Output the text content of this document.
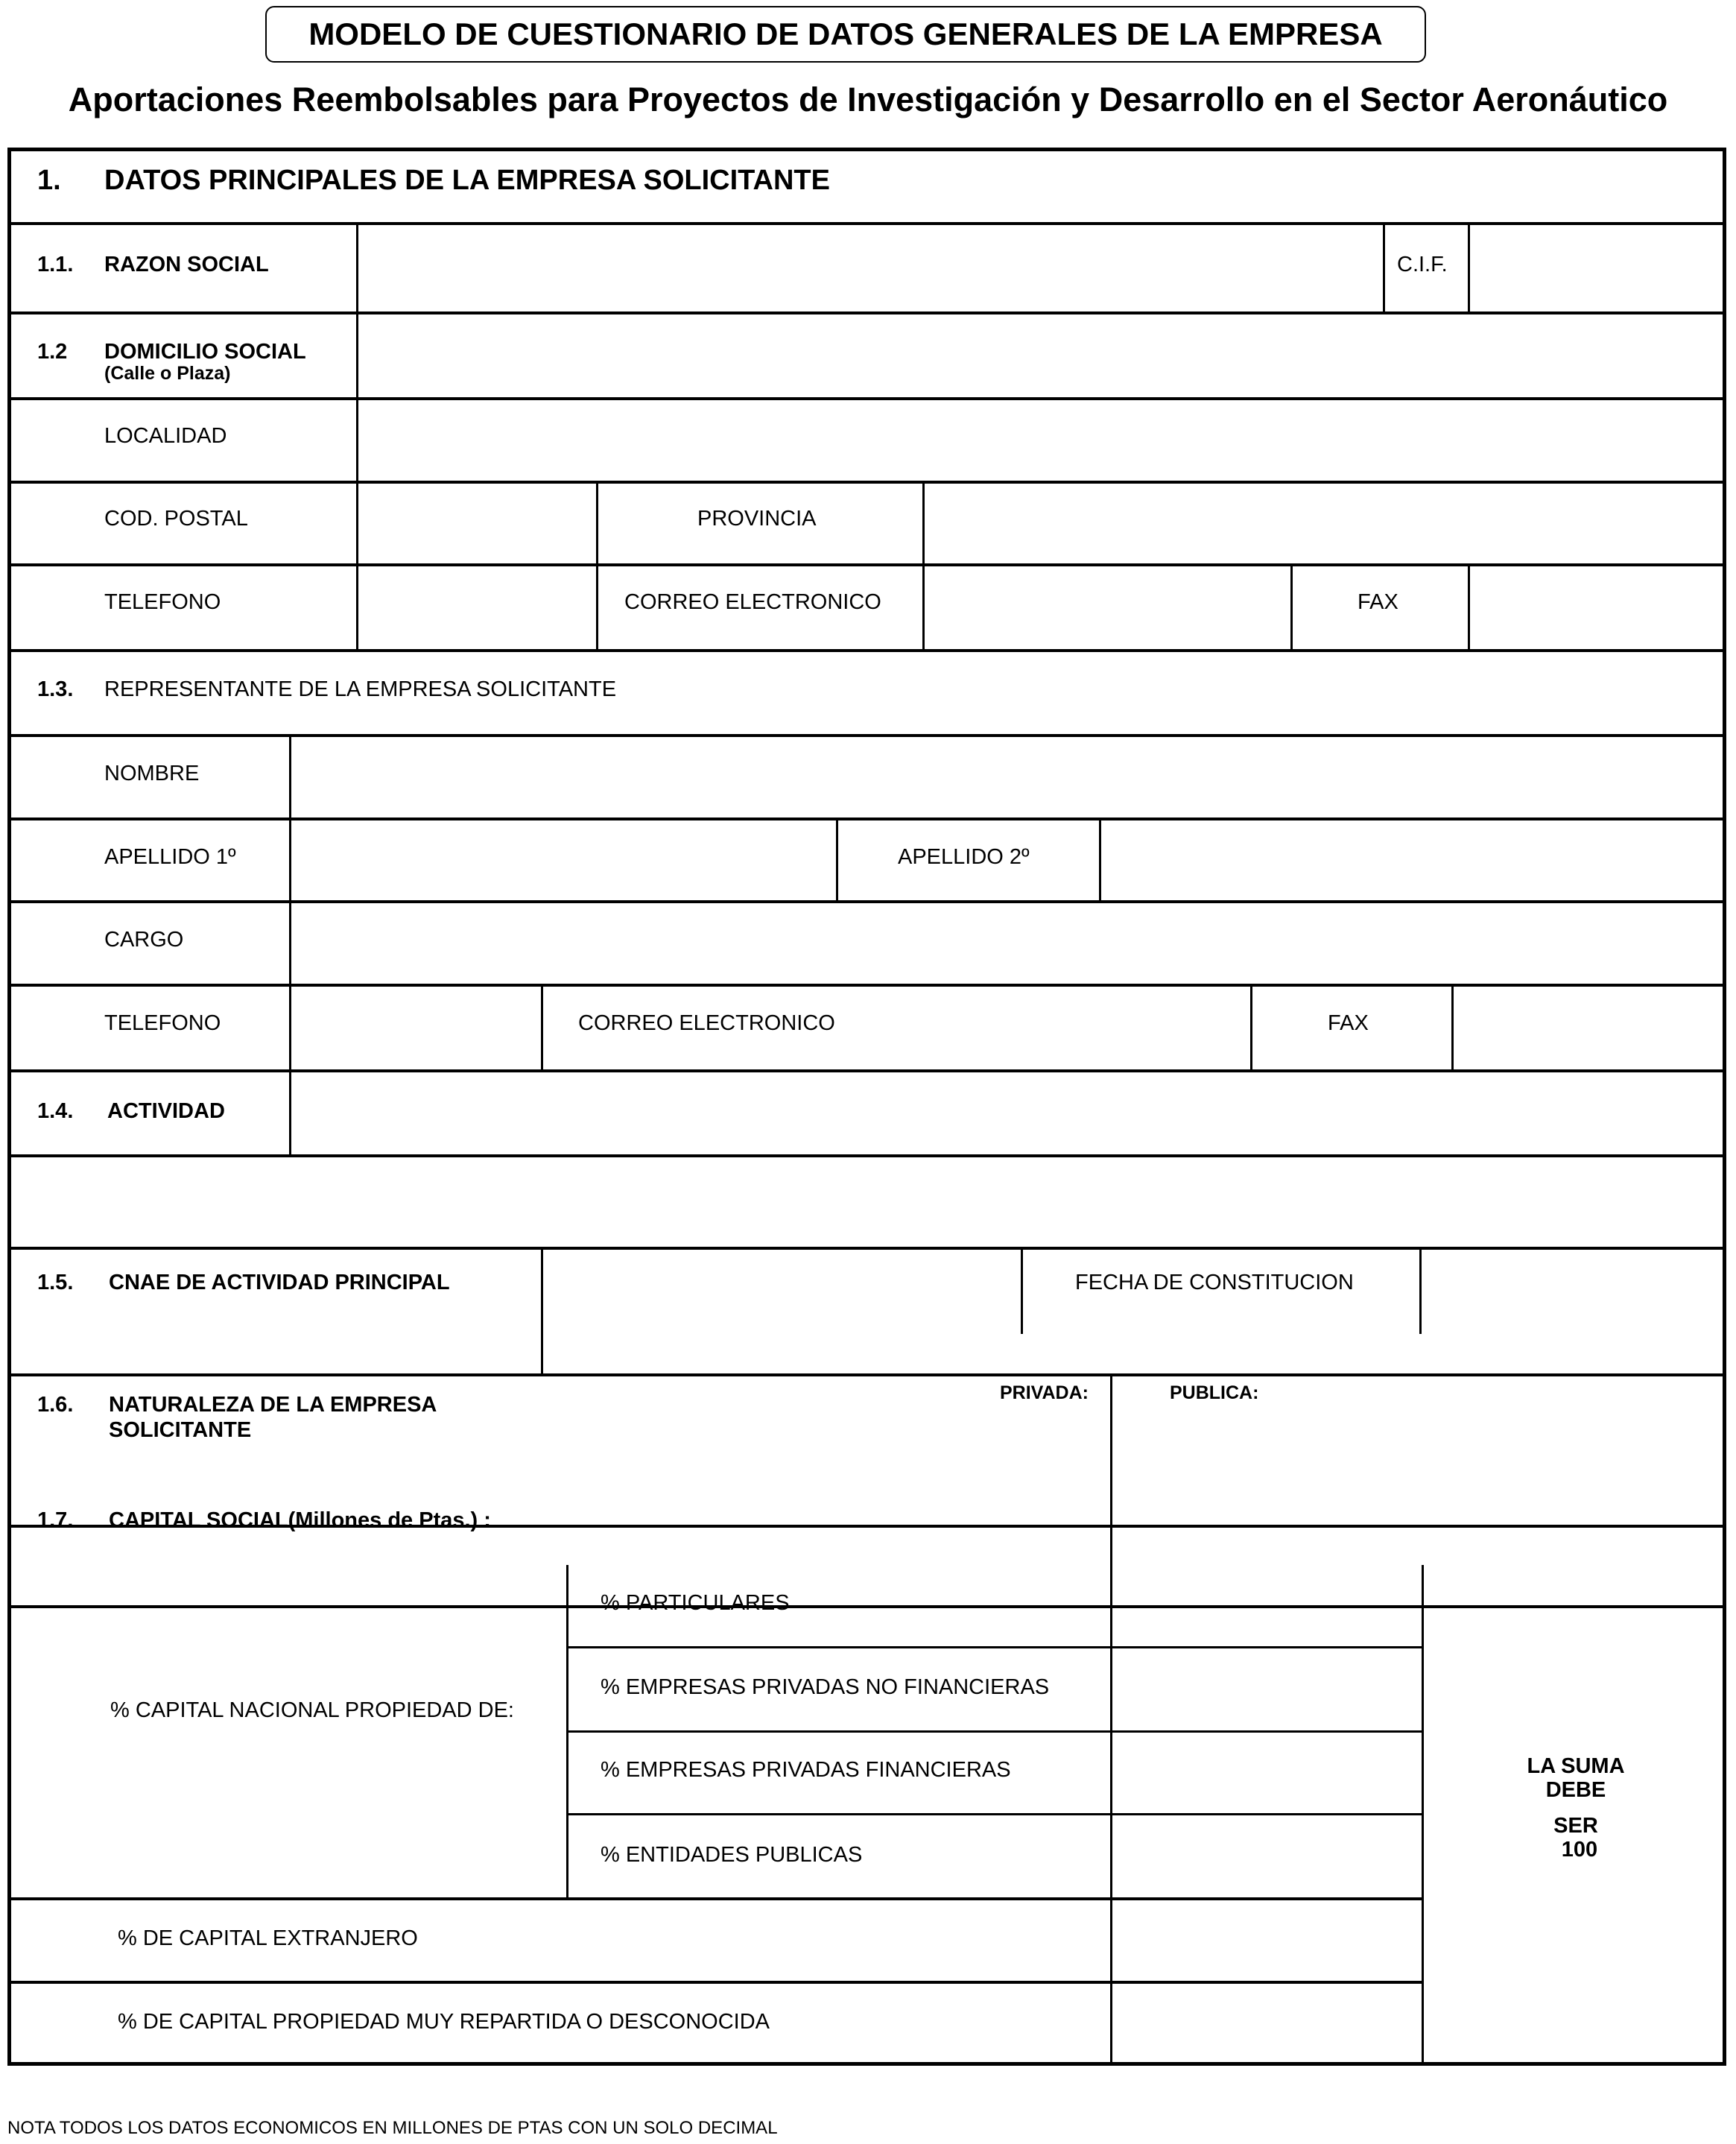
MODELO DE CUESTIONARIO DE DATOS GENERALES DE LA EMPRESA
Aportaciones Reembolsables para Proyectos de Investigación y Desarrollo en el Sector Aeronáutico
1. DATOS PRINCIPALES DE LA EMPRESA SOLICITANTE
1.1. RAZON SOCIAL	C.I.F.
1.2 DOMICILIO SOCIAL
(Calle o Plaza)
LOCALIDAD
COD. POSTAL	PROVINCIA
TELEFONO	CORREO ELECTRONICO	FAX
1.3. REPRESENTANTE DE LA EMPRESA SOLICITANTE
NOMBRE
APELLIDO 1º	APELLIDO 2º
CARGO
TELEFONO	CORREO ELECTRONICO	FAX
1.4. ACTIVIDAD
1.5. CNAE DE ACTIVIDAD PRINCIPAL	FECHA DE CONSTITUCION
1.6. NATURALEZA DE LA EMPRESA
SOLICITANTE
PRIVADA:	PUBLICA:
1.7. CAPITAL SOCIAL(Millones de Ptas.) :
% CAPITAL NACIONAL PROPIEDAD DE:
% PARTICULARES
% EMPRESAS PRIVADAS NO FINANCIERAS
% EMPRESAS PRIVADAS FINANCIERAS
% ENTIDADES PUBLICAS
% DE CAPITAL EXTRANJERO
% DE CAPITAL PROPIEDAD MUY REPARTIDA O DESCONOCIDA
LA SUMA
DEBE
SER
100
NOTA TODOS LOS DATOS ECONOMICOS EN MILLONES DE PTAS CON UN SOLO DECIMAL
